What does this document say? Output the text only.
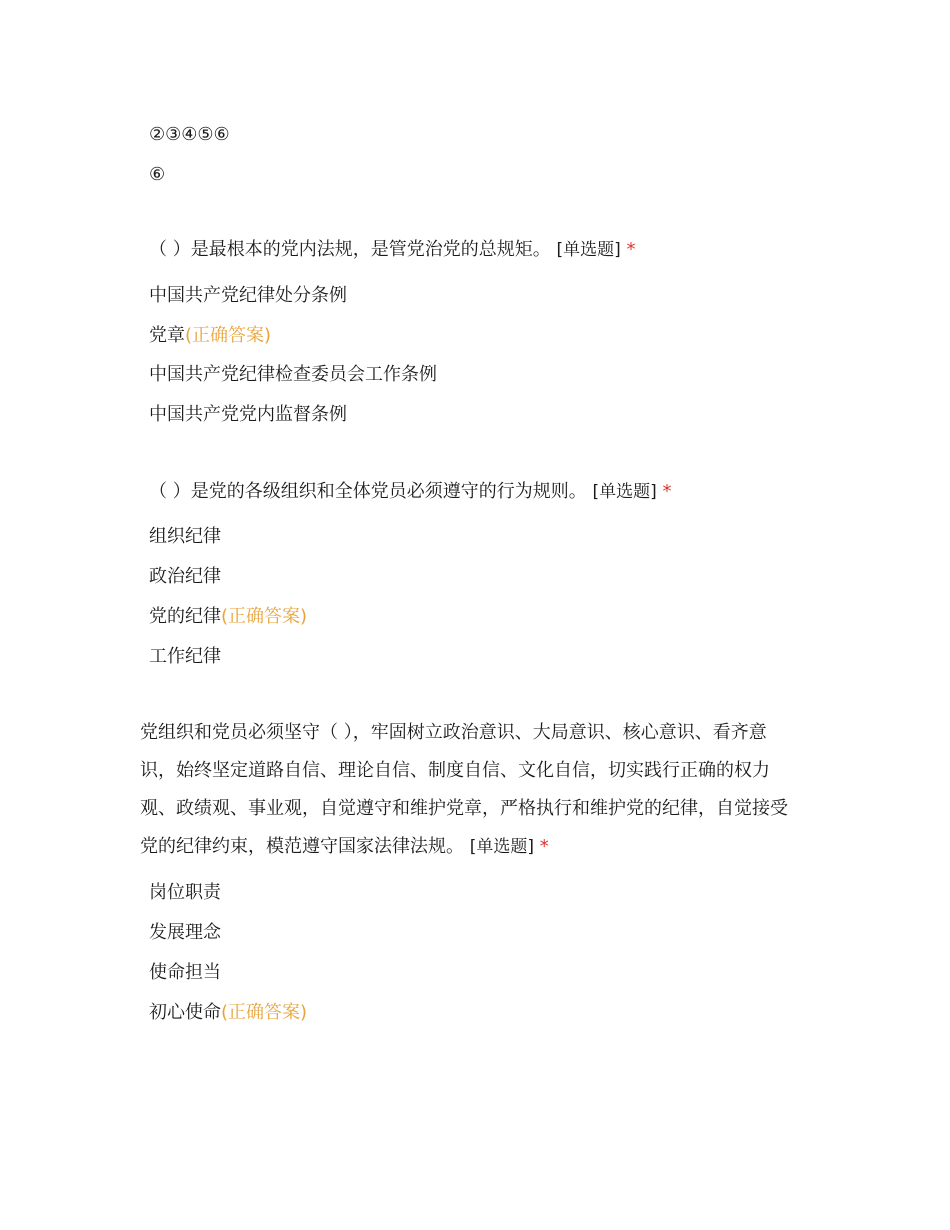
②③④⑤⑥
⑥
（ ）是最根本的党内法规，是管党治党的总规矩。 [单选题] *
中国共产党纪律处分条例
党章(正确答案)
中国共产党纪律检查委员会工作条例
中国共产党党内监督条例
（ ）是党的各级组织和全体党员必须遵守的行为规则。 [单选题] *
组织纪律
政治纪律
党的纪律(正确答案)
工作纪律
党组织和党员必须坚守（ ），牢固树立政治意识、大局意识、核心意识、看齐意
识，始终坚定道路自信、理论自信、制度自信、文化自信，切实践行正确的权力
观、政绩观、事业观，自觉遵守和维护党章，严格执行和维护党的纪律，自觉接受
党的纪律约束，模范遵守国家法律法规。 [单选题] *
岗位职责
发展理念
使命担当
初心使命(正确答案)
